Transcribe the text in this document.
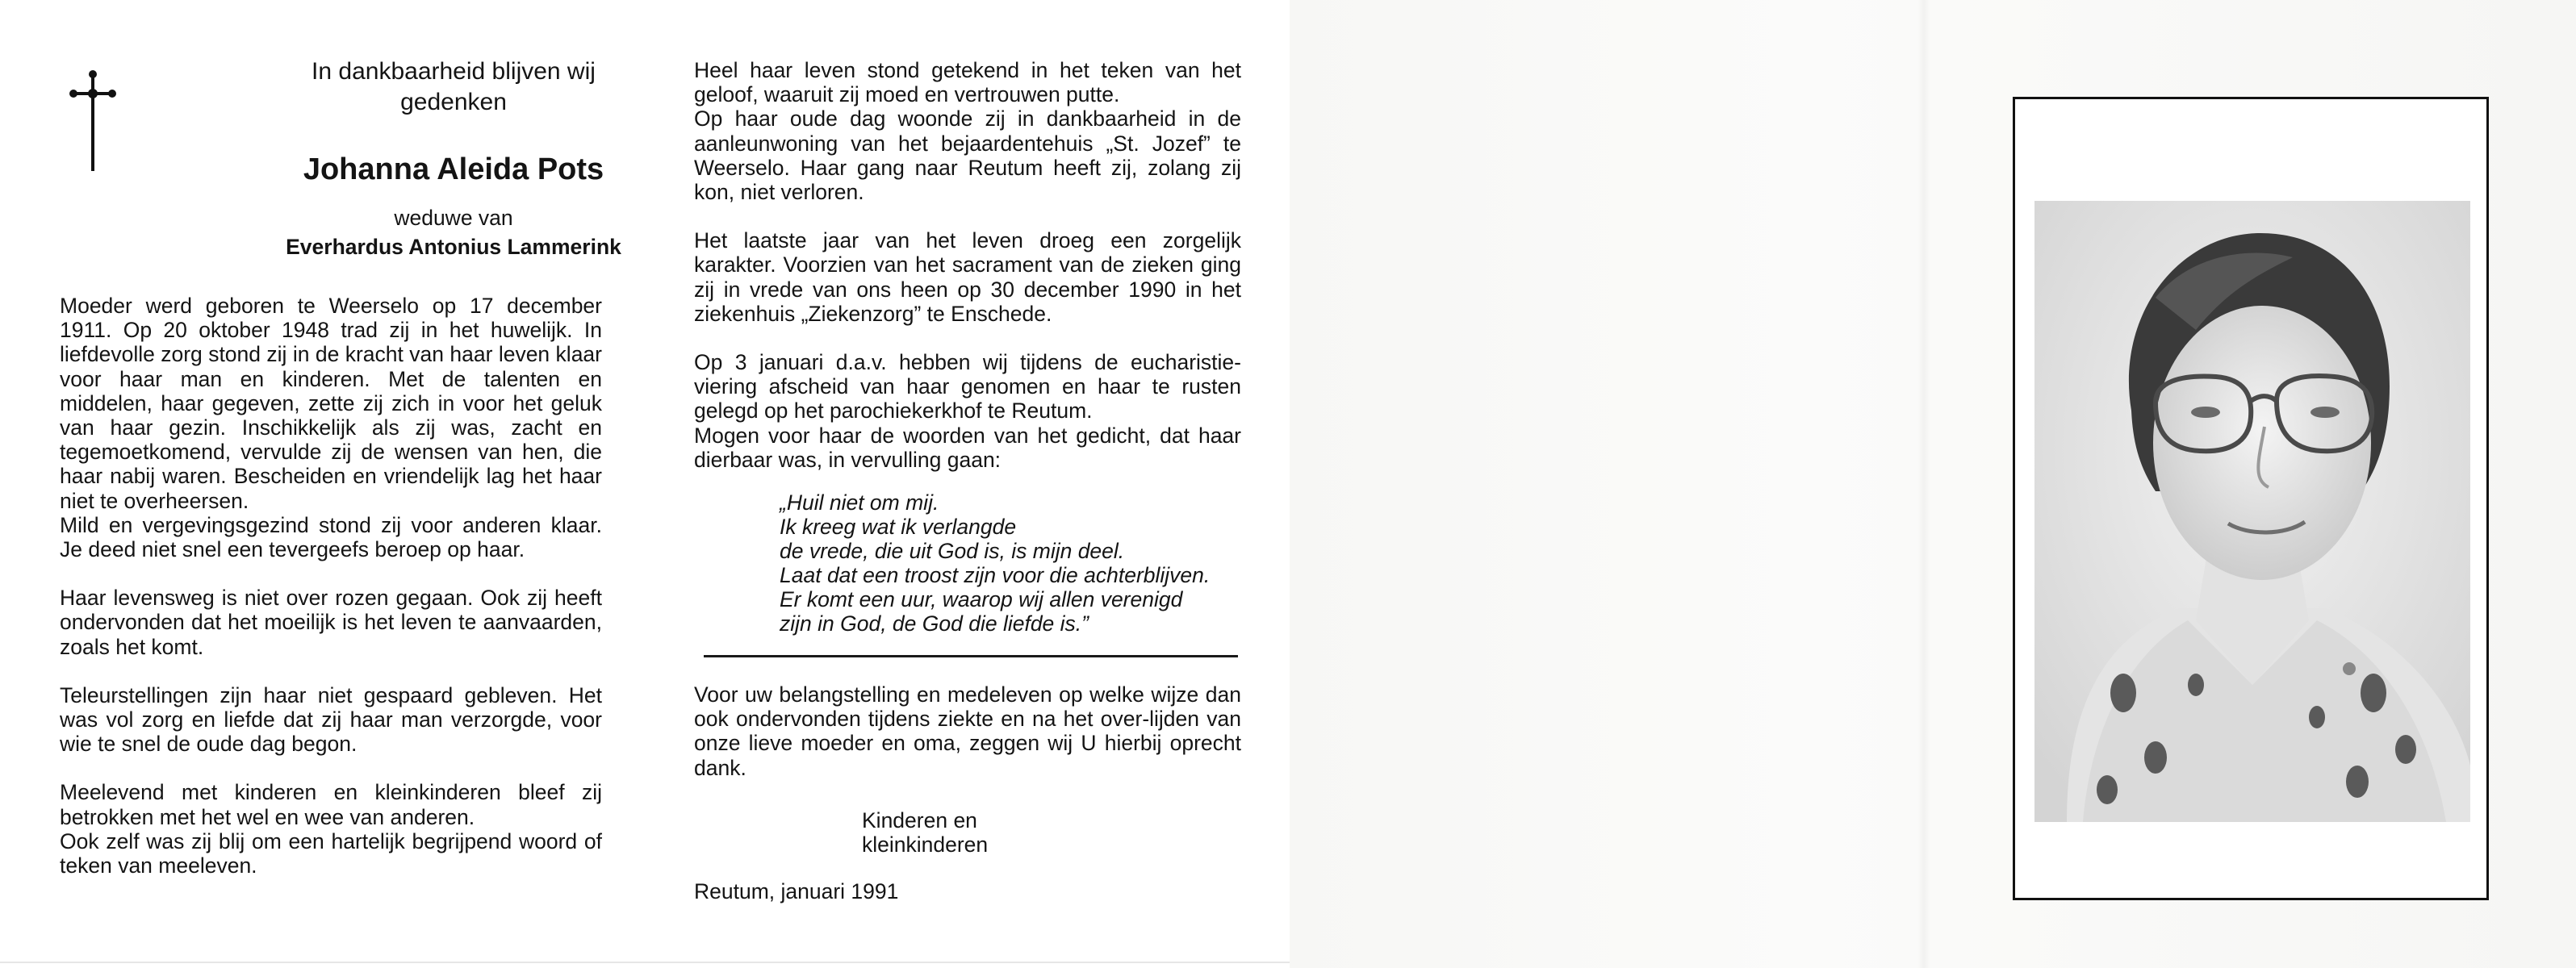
In dankbaarheid blijven wij
gedenken

Johanna Aleida Pots
weduwe van
Everhardus Antonius Lammerink

Moeder werd geboren te Weerselo op 17 december 1911. Op 20 oktober 1948 trad zij in het huwelijk. In liefdevolle zorg stond zij in de kracht van haar leven klaar voor haar man en kinderen. Met de talenten en middelen, haar gegeven, zette zij zich in voor het geluk van haar gezin. Inschikkelijk als zij was, zacht en tegemoetkomend, vervulde zij de wensen van hen, die haar nabij waren. Bescheiden en vriendelijk lag het haar niet te overheersen.

Mild en vergevingsgezind stond zij voor anderen klaar. Je deed niet snel een tevergeefs beroep op haar.

Haar levensweg is niet over rozen gegaan. Ook zij heeft ondervonden dat het moeilijk is het leven te aanvaarden, zoals het komt.

Teleurstellingen zijn haar niet gespaard gebleven. Het was vol zorg en liefde dat zij haar man verzorgde, voor wie te snel de oude dag begon.

Meelevend met kinderen en kleinkinderen bleef zij betrokken met het wel en wee van anderen.

Ook zelf was zij blij om een hartelijk begrijpend woord of teken van meeleven.

Heel haar leven stond getekend in het teken van het geloof, waaruit zij moed en vertrouwen putte.

Op haar oude dag woonde zij in dankbaarheid in de aanleunwoning van het bejaardentehuis „St. Jozef” te Weerselo. Haar gang naar Reutum heeft zij, zolang zij kon, niet verloren.

Het laatste jaar van het leven droeg een zorgelijk karakter. Voorzien van het sacrament van de zieken ging zij in vrede van ons heen op 30 december 1990 in het ziekenhuis „Ziekenzorg” te Enschede.

Op 3 januari d.a.v. hebben wij tijdens de eucharistie-viering afscheid van haar genomen en haar te rusten gelegd op het parochiekerkhof te Reutum.

Mogen voor haar de woorden van het gedicht, dat haar dierbaar was, in vervulling gaan:

„Huil niet om mij.

Ik kreeg wat ik verlangde

de vrede, die uit God is, is mijn deel.

Laat dat een troost zijn voor die achterblijven.

Er komt een uur, waarop wij allen verenigd

zijn in God, de God die liefde is.”

Voor uw belangstelling en medeleven op welke wijze dan ook ondervonden tijdens ziekte en na het over-lijden van onze lieve moeder en oma, zeggen wij U hierbij oprecht dank.

Kinderen en
kleinkinderen
Reutum, januari 1991
